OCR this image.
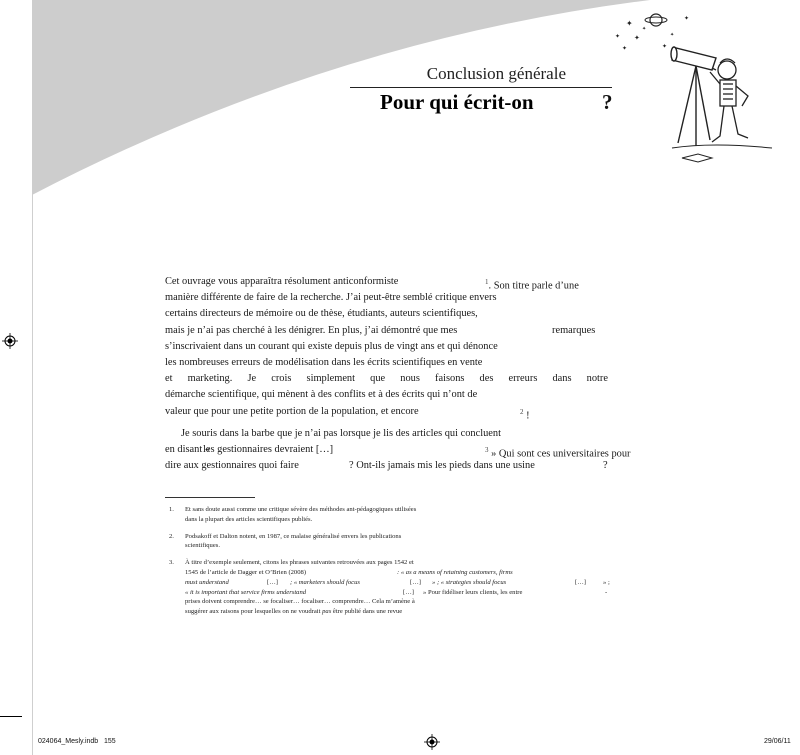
Conclusion générale
Pour qui écrit-on	?
✦
✦ ✦
✦
✦
✦
✦
✦
Cet ouvrage vous apparaîtra résolument anticonformiste	$^1$. Son titre parle d’une
manière différente de faire de la recherche. J’ai peut-être semblé critique envers
certains directeurs de mémoire ou de thèse, étudiants, auteurs scientifiques,
mais je n’ai pas cherché à les dénigrer. En plus, j’ai démontré que mes	remarques
s’inscrivaient dans un courant qui existe depuis plus de vingt ans et qui dénonce
les nombreuses erreurs de modélisation dans les écrits scientifiques en vente
et marketing. Je crois simplement que nous faisons des erreurs dans notre
démarche scientifique, qui mènent à des conflits et à des écrits qui n’ont de
valeur que pour une petite portion de la population, et encore	$^2$ !
Je souris dans la barbe que je n’ai pas lorsque je lis des articles qui concluent
en disant «
les gestionnaires devraient […]	$^3$ » Qui sont ces universitaires pour
dire aux gestionnaires quoi faire	? Ont-ils jamais mis les pieds dans une usine	?
1. Et sans doute aussi comme une critique sévère des méthodes ant-pédagogiques utilisées
dans la plupart des articles scientifiques publiés.
2. Podsakoff et Dalton notent, en 1987, ce malaise généralisé envers les publications
scientifiques.
3. À titre d’exemple seulement, citons les phrases suivantes retrouvées aux pages 1542 et
1545 de l’article de Dagger et O’Brien (2008)	: « as a means of retaining customers, firms
must understand	[…] ; « marketers should focus	[…] » ; « strategies should focus	[…]	» ;
« it is important that service firms understand	[…] » Pour fidéliser leurs clients, les entre	-
prises doivent comprendre… se focaliser… focaliser… comprendre… Cela m’amène à
suggérer aux raisons pour lesquelles on ne voudrait pas être publié dans une revue
024064_Mesly.indb   155	29/06/11
